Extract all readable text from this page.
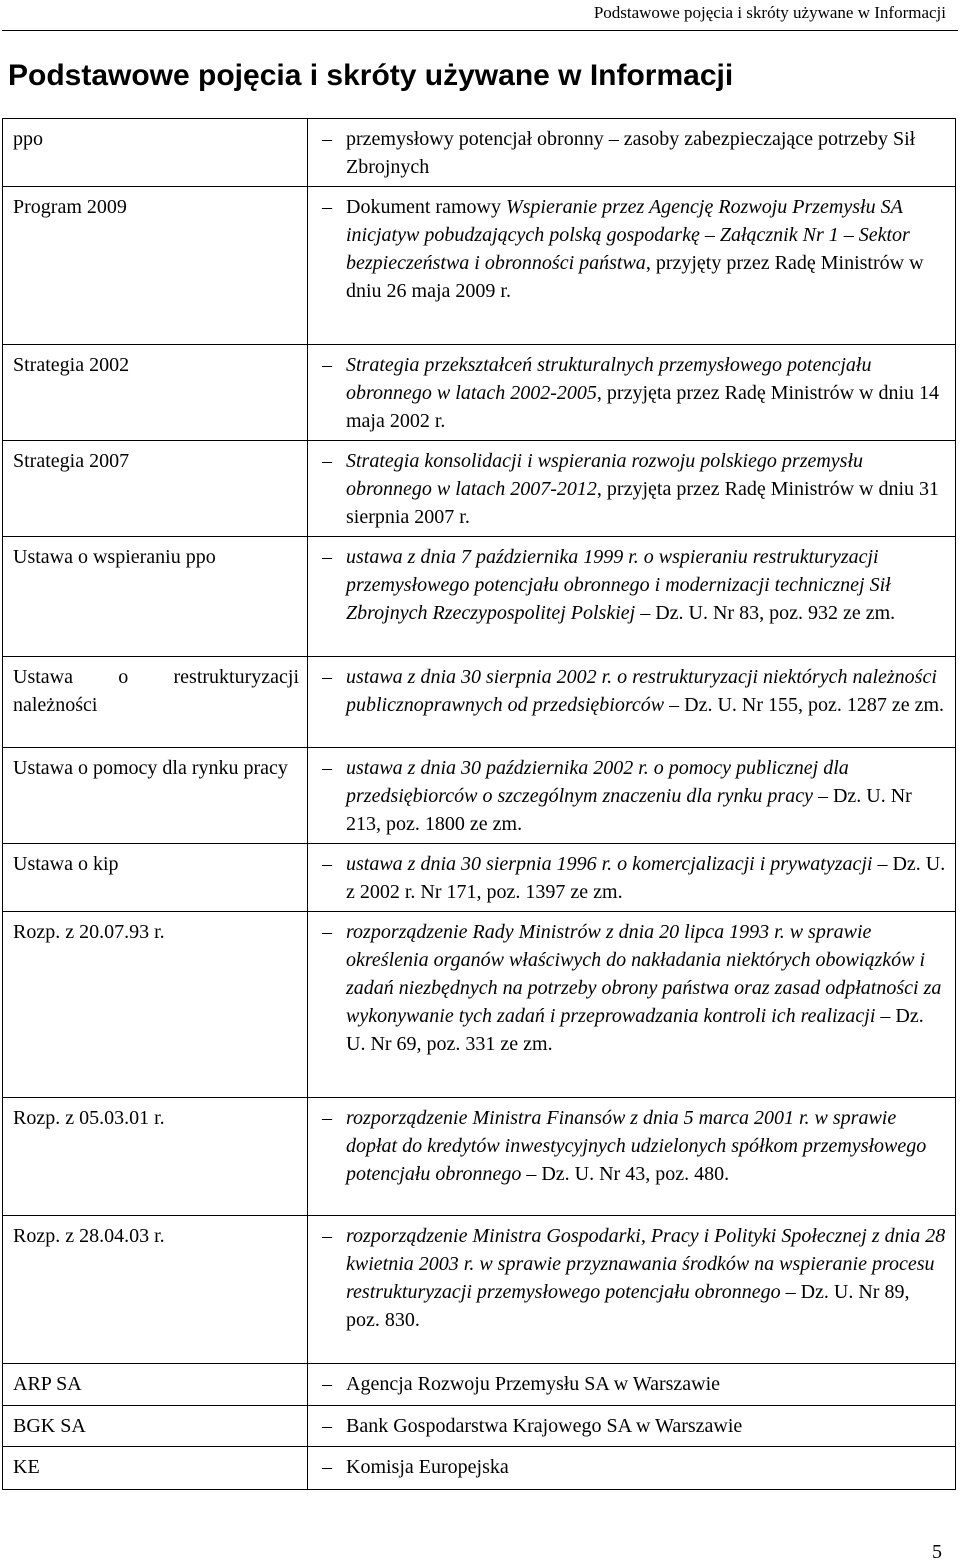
Podstawowe pojęcia i skróty używane w Informacji
Podstawowe pojęcia i skróty używane w Informacji
ppo	– przemysłowy potencjał obronny – zasoby zabezpieczające potrzeby Sił Zbrojnych

Program 2009	– Dokument ramowy Wspieranie przez Agencję Rozwoju Przemysłu SA inicjatyw pobudzających polską gospodarkę – Załącznik Nr 1 – Sektor bezpieczeństwa i obronności państwa, przyjęty przez Radę Ministrów w dniu 26 maja 2009 r.

Strategia 2002	– Strategia przekształceń strukturalnych przemysłowego potencjału obronnego w latach 2002-2005, przyjęta przez Radę Ministrów w dniu 14 maja 2002 r.

Strategia 2007	– Strategia konsolidacji i wspierania rozwoju polskiego przemysłu obronnego w latach 2007-2012, przyjęta przez Radę Ministrów w dniu 31 sierpnia 2007 r.

Ustawa o wspieraniu ppo	– ustawa z dnia 7 października 1999 r. o wspieraniu restrukturyzacji przemysłowego potencjału obronnego i modernizacji technicznej Sił Zbrojnych Rzeczypospolitej Polskiej – Dz. U. Nr 83, poz. 932 ze zm.

Ustawa o restrukturyzacji należności	– ustawa z dnia 30 sierpnia 2002 r. o restrukturyzacji niektórych należności publicznoprawnych od przedsiębiorców – Dz. U. Nr 155, poz. 1287 ze zm.

Ustawa o pomocy dla rynku pracy	– ustawa z dnia 30 października 2002 r. o pomocy publicznej dla przedsiębiorców o szczególnym znaczeniu dla rynku pracy – Dz. U. Nr 213, poz. 1800 ze zm.

Ustawa o kip	– ustawa z dnia 30 sierpnia 1996 r. o komercjalizacji i prywatyzacji – Dz. U. z 2002 r. Nr 171, poz. 1397 ze zm.

Rozp. z 20.07.93 r.	– rozporządzenie Rady Ministrów z dnia 20 lipca 1993 r. w sprawie określenia organów właściwych do nakładania niektórych obowiązków i zadań niezbędnych na potrzeby obrony państwa oraz zasad odpłatności za wykonywanie tych zadań i przeprowadzania kontroli ich realizacji – Dz. U. Nr 69, poz. 331 ze zm.

Rozp. z 05.03.01 r.	– rozporządzenie Ministra Finansów z dnia 5 marca 2001 r. w sprawie dopłat do kredytów inwestycyjnych udzielonych spółkom przemysłowego potencjału obronnego – Dz. U. Nr 43, poz. 480.

Rozp. z 28.04.03 r.	– rozporządzenie Ministra Gospodarki, Pracy i Polityki Społecznej z dnia 28 kwietnia 2003 r. w sprawie przyznawania środków na wspieranie procesu restrukturyzacji przemysłowego potencjału obronnego – Dz. U. Nr 89, poz. 830.

ARP SA	– Agencja Rozwoju Przemysłu SA w Warszawie

BGK SA	– Bank Gospodarstwa Krajowego SA w Warszawie

KE	– Komisja Europejska
5
